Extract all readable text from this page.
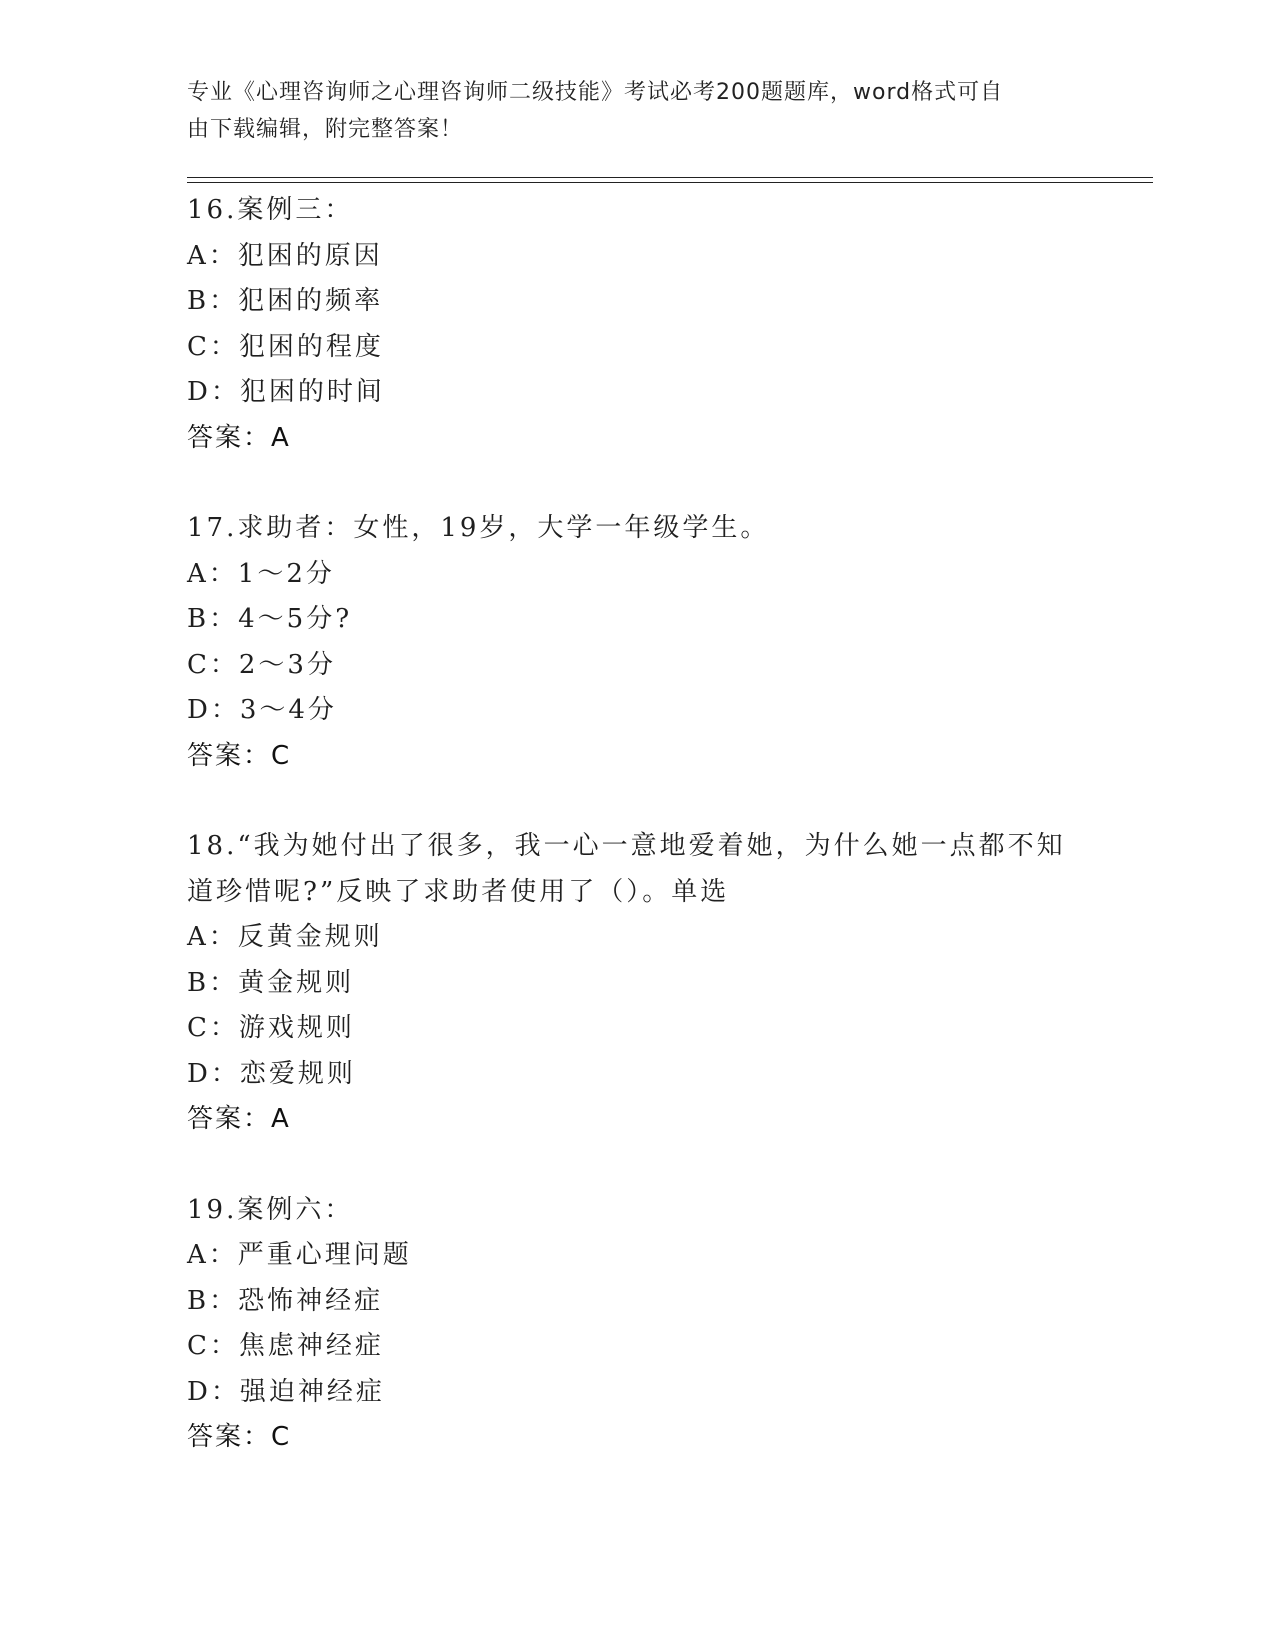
专业《心理咨询师之心理咨询师二级技能》考试必考200题题库，word格式可自
由下载编辑，附完整答案！
16.案例三：
A：犯困的原因
B：犯困的频率
C：犯困的程度
D：犯困的时间
答案：A
17.求助者：女性，19岁，大学一年级学生。
A：1～2分
B：4～5分?
C：2～3分
D：3～4分
答案：C
18.“我为她付出了很多，我一心一意地爱着她，为什么她一点都不知道珍惜呢?”反映了求助者使用了（）。单选
A：反黄金规则
B：黄金规则
C：游戏规则
D：恋爱规则
答案：A
19.案例六：
A：严重心理问题
B：恐怖神经症
C：焦虑神经症
D：强迫神经症
答案：C
